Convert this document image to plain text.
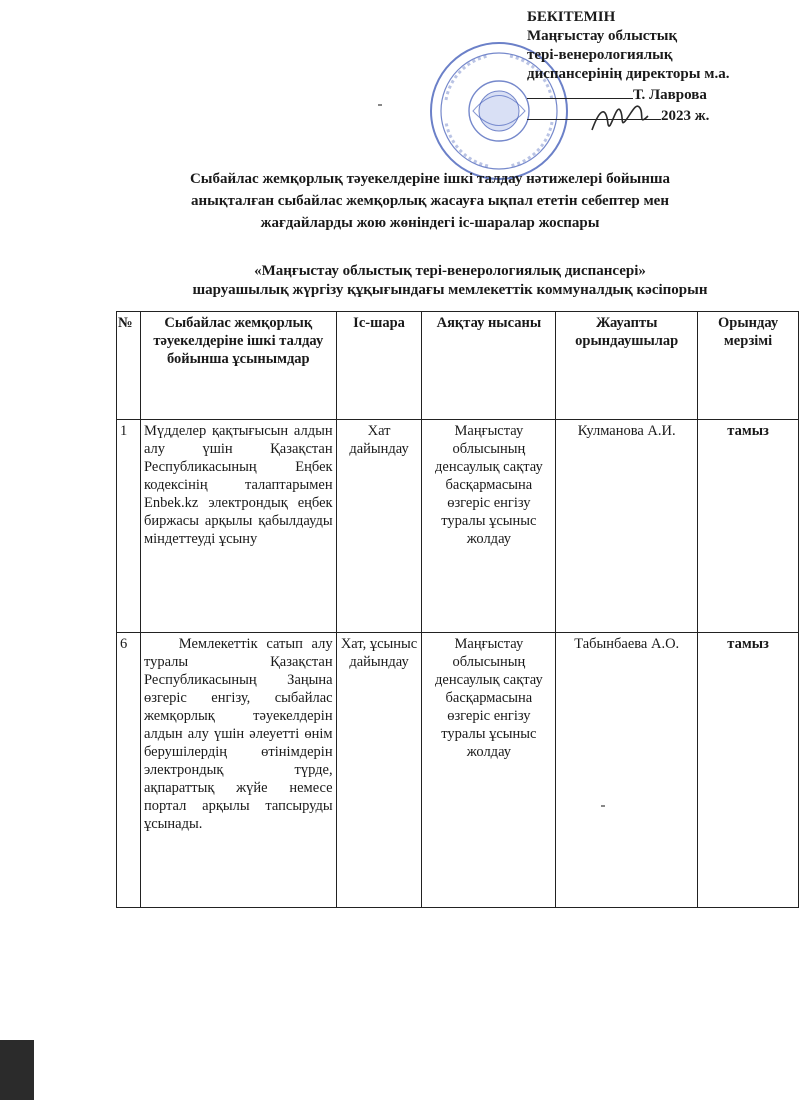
БЕКІТЕМІН
Маңғыстау облыстық
тері-венерологиялық
диспансерінің директоры м.а.
Т. Лаврова
2023 ж.
Сыбайлас жемқорлық тәуекелдеріне ішкі талдау нәтижелері бойынша
анықталған сыбайлас жемқорлық жасауға ықпал ететін себептер мен
жағдайларды жою жөніндегі іс-шаралар жоспары
«Маңғыстау облыстық тері-венерологиялық диспансері»
шаруашылық жүргізу құқығындағы мемлекеттік коммуналдық кәсіпорын
№	Сыбайлас жемқорлық тәуекелдеріне ішкі талдау бойынша ұсынымдар	Іс-шара	Аяқтау нысаны	Жауапты орындаушылар	Орындау мерзімі
1	Мүдделер қақтығысын алдын алу үшін Қазақстан Республикасының Еңбек кодексінің талаптарымен Enbek.kz электрондық еңбек биржасы арқылы қабылдауды міндеттеуді ұсыну	Хат дайындау	Маңғыстау облысының денсаулық сақтау басқармасына өзгеріс енгізу туралы ұсыныс жолдау	Кулманова А.И.	тамыз
6	Мемлекеттік сатып алу туралы Қазақстан Республикасының Заңына өзгеріс енгізу, сыбайлас жемқорлық тәуекелдерін алдын алу үшін әлеуетті өнім берушілердің өтінімдерін электрондық түрде, ақпараттық жүйе немесе портал арқылы тапсыруды ұсынады.	Хат, ұсыныс дайындау	Маңғыстау облысының денсаулық сақтау басқармасына өзгеріс енгізу туралы ұсыныс жолдау	Табынбаева А.О.	тамыз
